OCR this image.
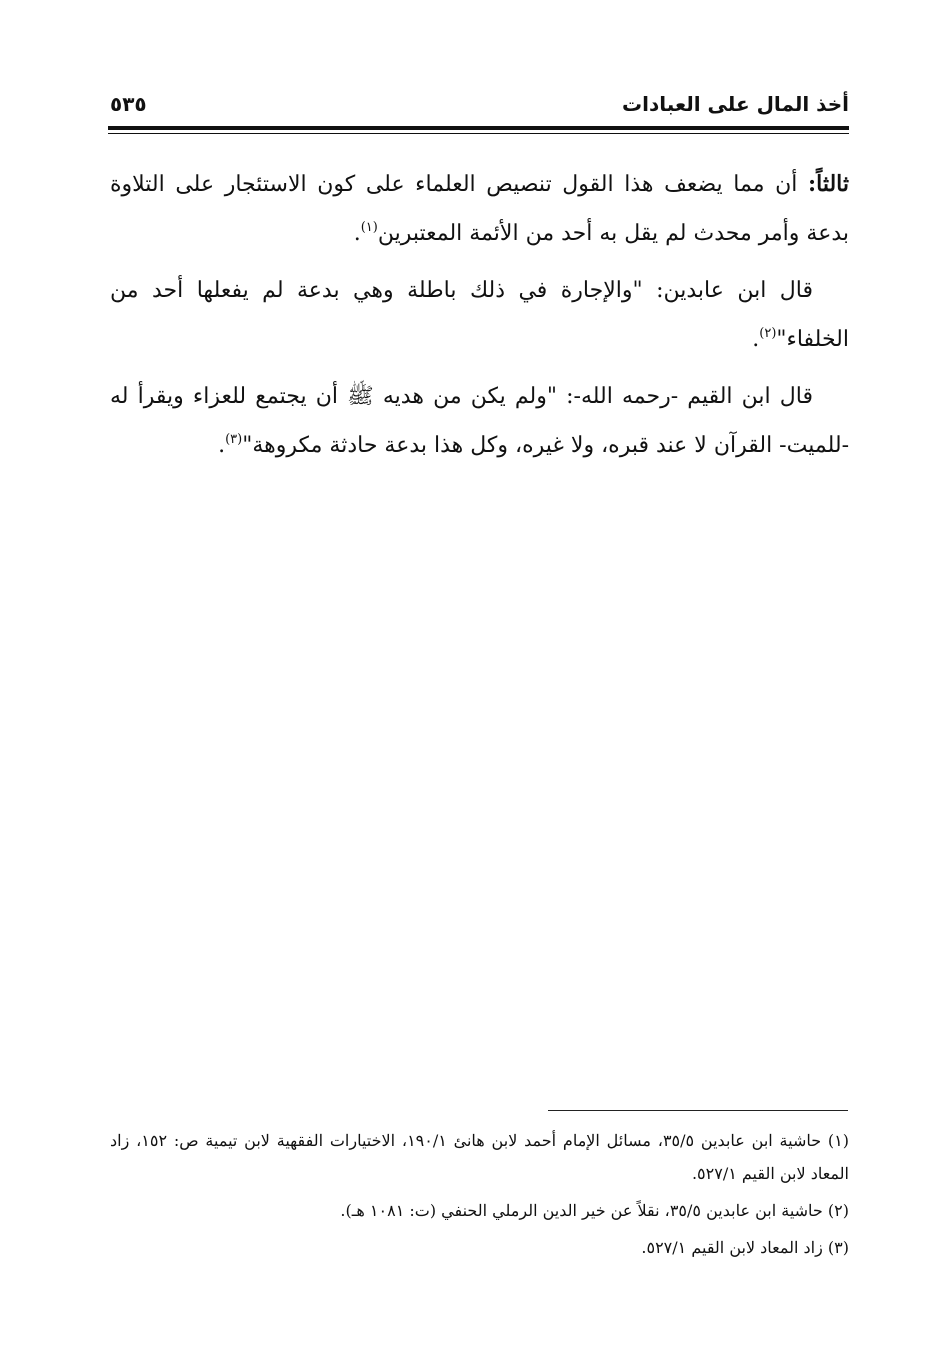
أخذ المال على العبادات
٥٣٥

ثالثاً: أن مما يضعف هذا القول تنصيص العلماء على كون الاستئجار على التلاوة بدعة وأمر محدث لم يقل به أحد من الأئمة المعتبرين$^{(١)}$.

قال ابن عابدين: "والإجارة في ذلك باطلة وهي بدعة لم يفعلها أحد من الخلفاء"$^{(٢)}$.

قال ابن القيم -رحمه الله-: "ولم يكن من هديه ﷺ أن يجتمع للعزاء ويقرأ له -للميت- القرآن لا عند قبره، ولا غيره، وكل هذا بدعة حادثة مكروهة"$^{(٣)}$.

(١) حاشية ابن عابدين ٣٥/٥، مسائل الإمام أحمد لابن هانئ ١٩٠/١، الاختيارات الفقهية لابن تيمية ص: ١٥٢، زاد المعاد لابن القيم ٥٢٧/١.

(٢) حاشية ابن عابدين ٣٥/٥، نقلاً عن خير الدين الرملي الحنفي (ت: ١٠٨١ هـ).

(٣) زاد المعاد لابن القيم ٥٢٧/١.
